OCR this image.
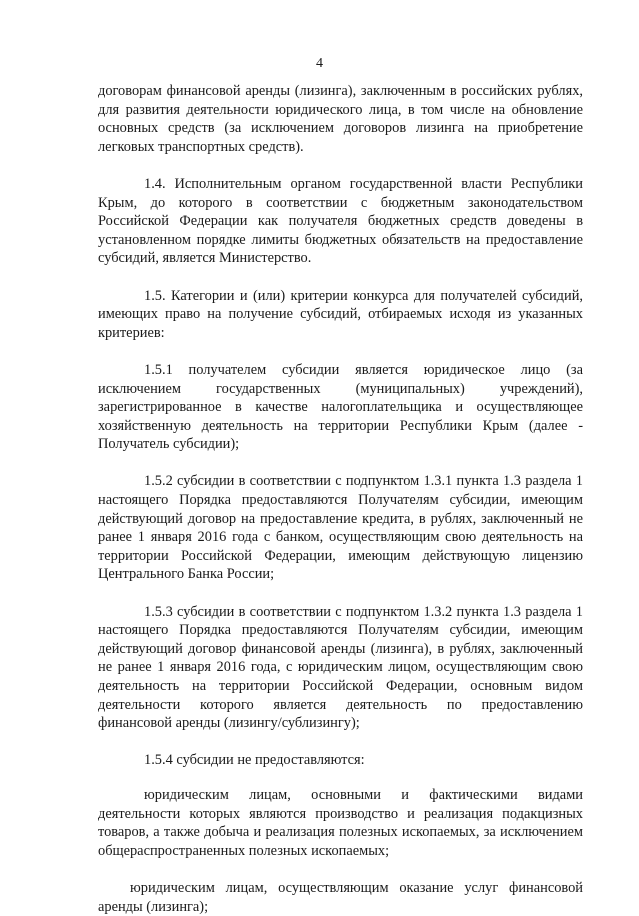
4
договорам финансовой аренды (лизинга), заключенным в российских рублях,
для развития деятельности юридического лица, в том числе на обновление
основных средств (за исключением договоров лизинга на приобретение
легковых транспортных средств).
1.4. Исполнительным органом государственной власти Республики
Крым, до которого в соответствии с бюджетным законодательством
Российской Федерации как получателя бюджетных средств доведены в
установленном порядке лимиты бюджетных обязательств на предоставление
субсидий, является Министерство.
1.5. Категории и (или) критерии конкурса для получателей субсидий,
имеющих право на получение субсидий, отбираемых исходя из указанных
критериев:
1.5.1 получателем субсидии является юридическое лицо (за
исключением государственных (муниципальных) учреждений),
зарегистрированное в качестве налогоплательщика и осуществляющее
хозяйственную деятельность на территории Республики Крым (далее -
Получатель субсидии);
1.5.2 субсидии в соответствии с подпунктом 1.3.1 пункта 1.3 раздела 1
настоящего Порядка предоставляются Получателям субсидии, имеющим
действующий договор на предоставление кредита, в рублях, заключенный не
ранее 1 января 2016 года с банком, осуществляющим свою деятельность на
территории Российской Федерации, имеющим действующую лицензию
Центрального Банка России;
1.5.3 субсидии в соответствии с подпунктом 1.3.2 пункта 1.3 раздела 1
настоящего Порядка предоставляются Получателям субсидии, имеющим
действующий договор финансовой аренды (лизинга), в рублях, заключенный
не ранее 1 января 2016 года, с юридическим лицом, осуществляющим свою
деятельность на территории Российской Федерации, основным видом
деятельности которого является деятельность по предоставлению
финансовой аренды (лизингу/сублизингу);
1.5.4 субсидии не предоставляются:
юридическим лицам, основными и фактическими видами
деятельности которых являются производство и реализация подакцизных
товаров, а также добыча и реализация полезных ископаемых, за исключением
общераспространенных полезных ископаемых;
юридическим лицам, осуществляющим оказание услуг финансовой
аренды (лизинга);
